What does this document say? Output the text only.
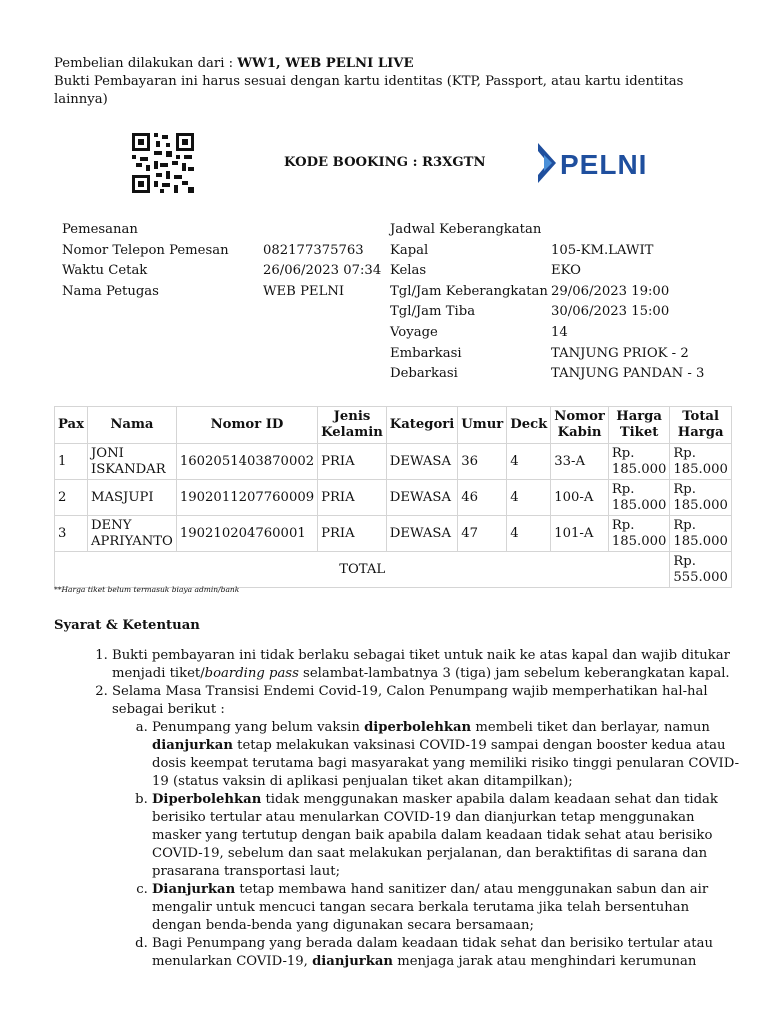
Pembelian dilakukan dari : WW1, WEB PELNI LIVE
Bukti Pembayaran ini harus sesuai dengan kartu identitas (KTP, Passport, atau kartu identitas lainnya)
KODE BOOKING : R3XGTN	PELNI
Pemesanan	
Nomor Telepon Pemesan	082177375763
Waktu Cetak	26/06/2023 07:34
Nama Petugas	WEB PELNI
Jadwal Keberangkatan	
Kapal	105-KM.LAWIT
Kelas	EKO
Tgl/Jam Keberangkatan	29/06/2023 19:00
Tgl/Jam Tiba	30/06/2023 15:00
Voyage	14
Embarkasi	TANJUNG PRIOK - 2
Debarkasi	TANJUNG PANDAN - 3
Pax	Nama	Nomor ID	Jenis Kelamin	Kategori	Umur	Deck	Nomor Kabin	Harga Tiket	Total Harga
1	JONI ISKANDAR	1602051403870002	PRIA	DEWASA	36	4	33-A	Rp. 185.000	Rp. 185.000
2	MASJUPI	1902011207760009	PRIA	DEWASA	46	4	100-A	Rp. 185.000	Rp. 185.000
3	DENY APRIYANTO	190210204760001	PRIA	DEWASA	47	4	101-A	Rp. 185.000	Rp. 185.000
TOTAL									Rp. 555.000
**Harga tiket belum termasuk biaya admin/bank
Syarat & Ketentuan
1. Bukti pembayaran ini tidak berlaku sebagai tiket untuk naik ke atas kapal dan wajib ditukar menjadi tiket/boarding pass selambat-lambatnya 3 (tiga) jam sebelum keberangkatan kapal.
2. Selama Masa Transisi Endemi Covid-19, Calon Penumpang wajib memperhatikan hal-hal sebagai berikut :
a. Penumpang yang belum vaksin diperbolehkan membeli tiket dan berlayar, namun dianjurkan tetap melakukan vaksinasi COVID-19 sampai dengan booster kedua atau dosis keempat terutama bagi masyarakat yang memiliki risiko tinggi penularan COVID-19 (status vaksin di aplikasi penjualan tiket akan ditampilkan);
b. Diperbolehkan tidak menggunakan masker apabila dalam keadaan sehat dan tidak berisiko tertular atau menularkan COVID-19 dan dianjurkan tetap menggunakan masker yang tertutup dengan baik apabila dalam keadaan tidak sehat atau berisiko COVID-19, sebelum dan saat melakukan perjalanan, dan beraktifitas di sarana dan prasarana transportasi laut;
c. Dianjurkan tetap membawa hand sanitizer dan/ atau menggunakan sabun dan air mengalir untuk mencuci tangan secara berkala terutama jika telah bersentuhan dengan benda-benda yang digunakan secara bersamaan;
d. Bagi Penumpang yang berada dalam keadaan tidak sehat dan berisiko tertular atau menularkan COVID-19, dianjurkan menjaga jarak atau menghindari kerumunan
